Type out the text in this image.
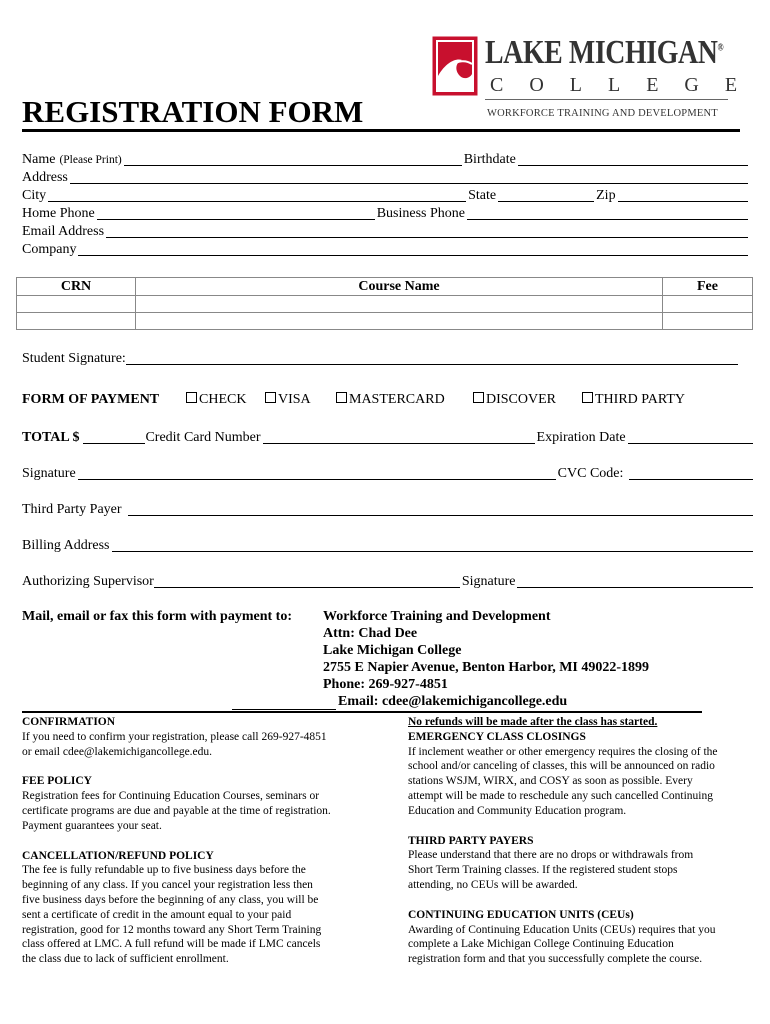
LAKE MICHIGAN®
COLLEGE
WORKFORCE TRAINING AND DEVELOPMENT
REGISTRATION FORM
Name (Please Print)	Birthdate
Address
City	State	Zip
Home Phone	Business Phone
Email Address
Company
CRN	Course Name	Fee

Student Signature:
FORM OF PAYMENT	CHECK	VISA	MASTERCARD	DISCOVER	THIRD PARTY
TOTAL $	Credit Card Number	Expiration Date
Signature	CVC Code:
Third Party Payer
Billing Address
Authorizing Supervisor	Signature
Mail, email or fax this form with payment to: Workforce Training and Development
Attn: Chad Dee
Lake Michigan College
2755 E Napier Avenue, Benton Harbor, MI 49022-1899
Phone: 269-927-4851
Email: cdee@lakemichigancollege.edu

CONFIRMATION

If you need to confirm your registration, please call 269-927-4851

or email cdee@lakemichigancollege.edu.

FEE POLICY

Registration fees for Continuing Education Courses, seminars or

certificate programs are due and payable at the time of registration.

Payment guarantees your seat.

CANCELLATION/REFUND POLICY

The fee is fully refundable up to five business days before the

beginning of any class. If you cancel your registration less then

five business days before the beginning of any class, you will be

sent a certificate of credit in the amount equal to your paid

registration, good for 12 months toward any Short Term Training

class offered at LMC. A full refund will be made if LMC cancels

the class due to lack of sufficient enrollment.

No refunds will be made after the class has started.

EMERGENCY CLASS CLOSINGS

If inclement weather or other emergency requires the closing of the

school and/or canceling of classes, this will be announced on radio

stations WSJM, WIRX, and COSY as soon as possible. Every

attempt will be made to reschedule any such cancelled Continuing

Education and Community Education program.

THIRD PARTY PAYERS

Please understand that there are no drops or withdrawals from

Short Term Training classes. If the registered student stops

attending, no CEUs will be awarded.

CONTINUING EDUCATION UNITS (CEUs)

Awarding of Continuing Education Units (CEUs) requires that you

complete a Lake Michigan College Continuing Education

registration form and that you successfully complete the course.
